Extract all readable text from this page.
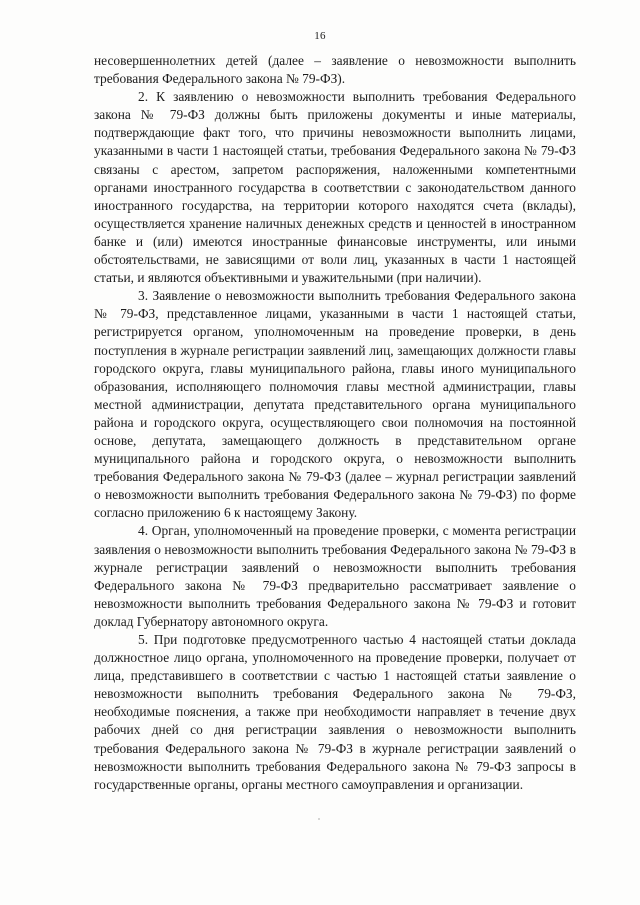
16

несовершеннолетних детей (далее – заявление о невозможности выполнить требования Федерального закона № 79-ФЗ).

2. К заявлению о невозможности выполнить требования Федерального закона № 79-ФЗ должны быть приложены документы и иные материалы, подтверждающие факт того, что причины невозможности выполнить лицами, указанными в части 1 настоящей статьи, требования Федерального закона № 79-ФЗ связаны с арестом, запретом распоряжения, наложенными компетентными органами иностранного государства в соответствии с законодательством данного иностранного государства, на территории которого находятся счета (вклады), осуществляется хранение наличных денежных средств и ценностей в иностранном банке и (или) имеются иностранные финансовые инструменты, или иными обстоятельствами, не зависящими от воли лиц, указанных в части 1 настоящей статьи, и являются объективными и уважительными (при наличии).

3. Заявление о невозможности выполнить требования Федерального закона № 79-ФЗ, представленное лицами, указанными в части 1 настоящей статьи, регистрируется органом, уполномоченным на проведение проверки, в день поступления в журнале регистрации заявлений лиц, замещающих должности главы городского округа, главы муниципального района, главы иного муниципального образования, исполняющего полномочия главы местной администрации, главы местной администрации, депутата представительного органа муниципального района и городского округа, осуществляющего свои полномочия на постоянной основе, депутата, замещающего должность в представительном органе муниципального района и городского округа, о невозможности выполнить требования Федерального закона № 79-ФЗ (далее – журнал регистрации заявлений о невозможности выполнить требования Федерального закона № 79-ФЗ) по форме согласно приложению 6 к настоящему Закону.

4. Орган, уполномоченный на проведение проверки, с момента регистрации заявления о невозможности выполнить требования Федерального закона № 79-ФЗ в журнале регистрации заявлений о невозможности выполнить требования Федерального закона № 79-ФЗ предварительно рассматривает заявление о невозможности выполнить требования Федерального закона № 79-ФЗ и готовит доклад Губернатору автономного округа.

5. При подготовке предусмотренного частью 4 настоящей статьи доклада должностное лицо органа, уполномоченного на проведение проверки, получает от лица, представившего в соответствии с частью 1 настоящей статьи заявление о невозможности выполнить требования Федерального закона № 79-ФЗ, необходимые пояснения, а также при необходимости направляет в течение двух рабочих дней со дня регистрации заявления о невозможности выполнить требования Федерального закона № 79-ФЗ в журнале регистрации заявлений о невозможности выполнить требования Федерального закона № 79-ФЗ запросы в государственные органы, органы местного самоуправления и организации.
